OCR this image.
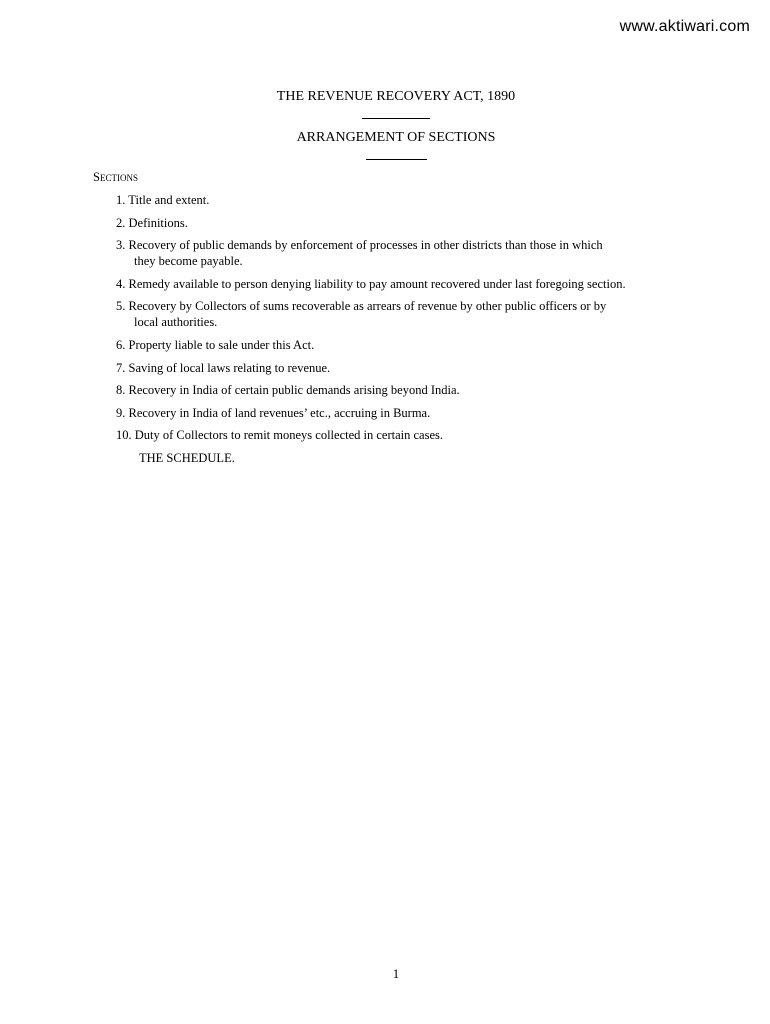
www.aktiwari.com
THE REVENUE RECOVERY ACT, 1890
ARRANGEMENT OF SECTIONS
Sections
1. Title and extent.
2. Definitions.
3. Recovery of public demands by enforcement of processes in other districts than those in which
they become payable.
4. Remedy available to person denying liability to pay amount recovered under last foregoing section.
5. Recovery by Collectors of sums recoverable as arrears of revenue by other public officers or by
local authorities.
6. Property liable to sale under this Act.
7. Saving of local laws relating to revenue.
8. Recovery in India of certain public demands arising beyond India.
9. Recovery in India of land revenues’ etc., accruing in Burma.
10. Duty of Collectors to remit moneys collected in certain cases.
THE SCHEDULE.
1
